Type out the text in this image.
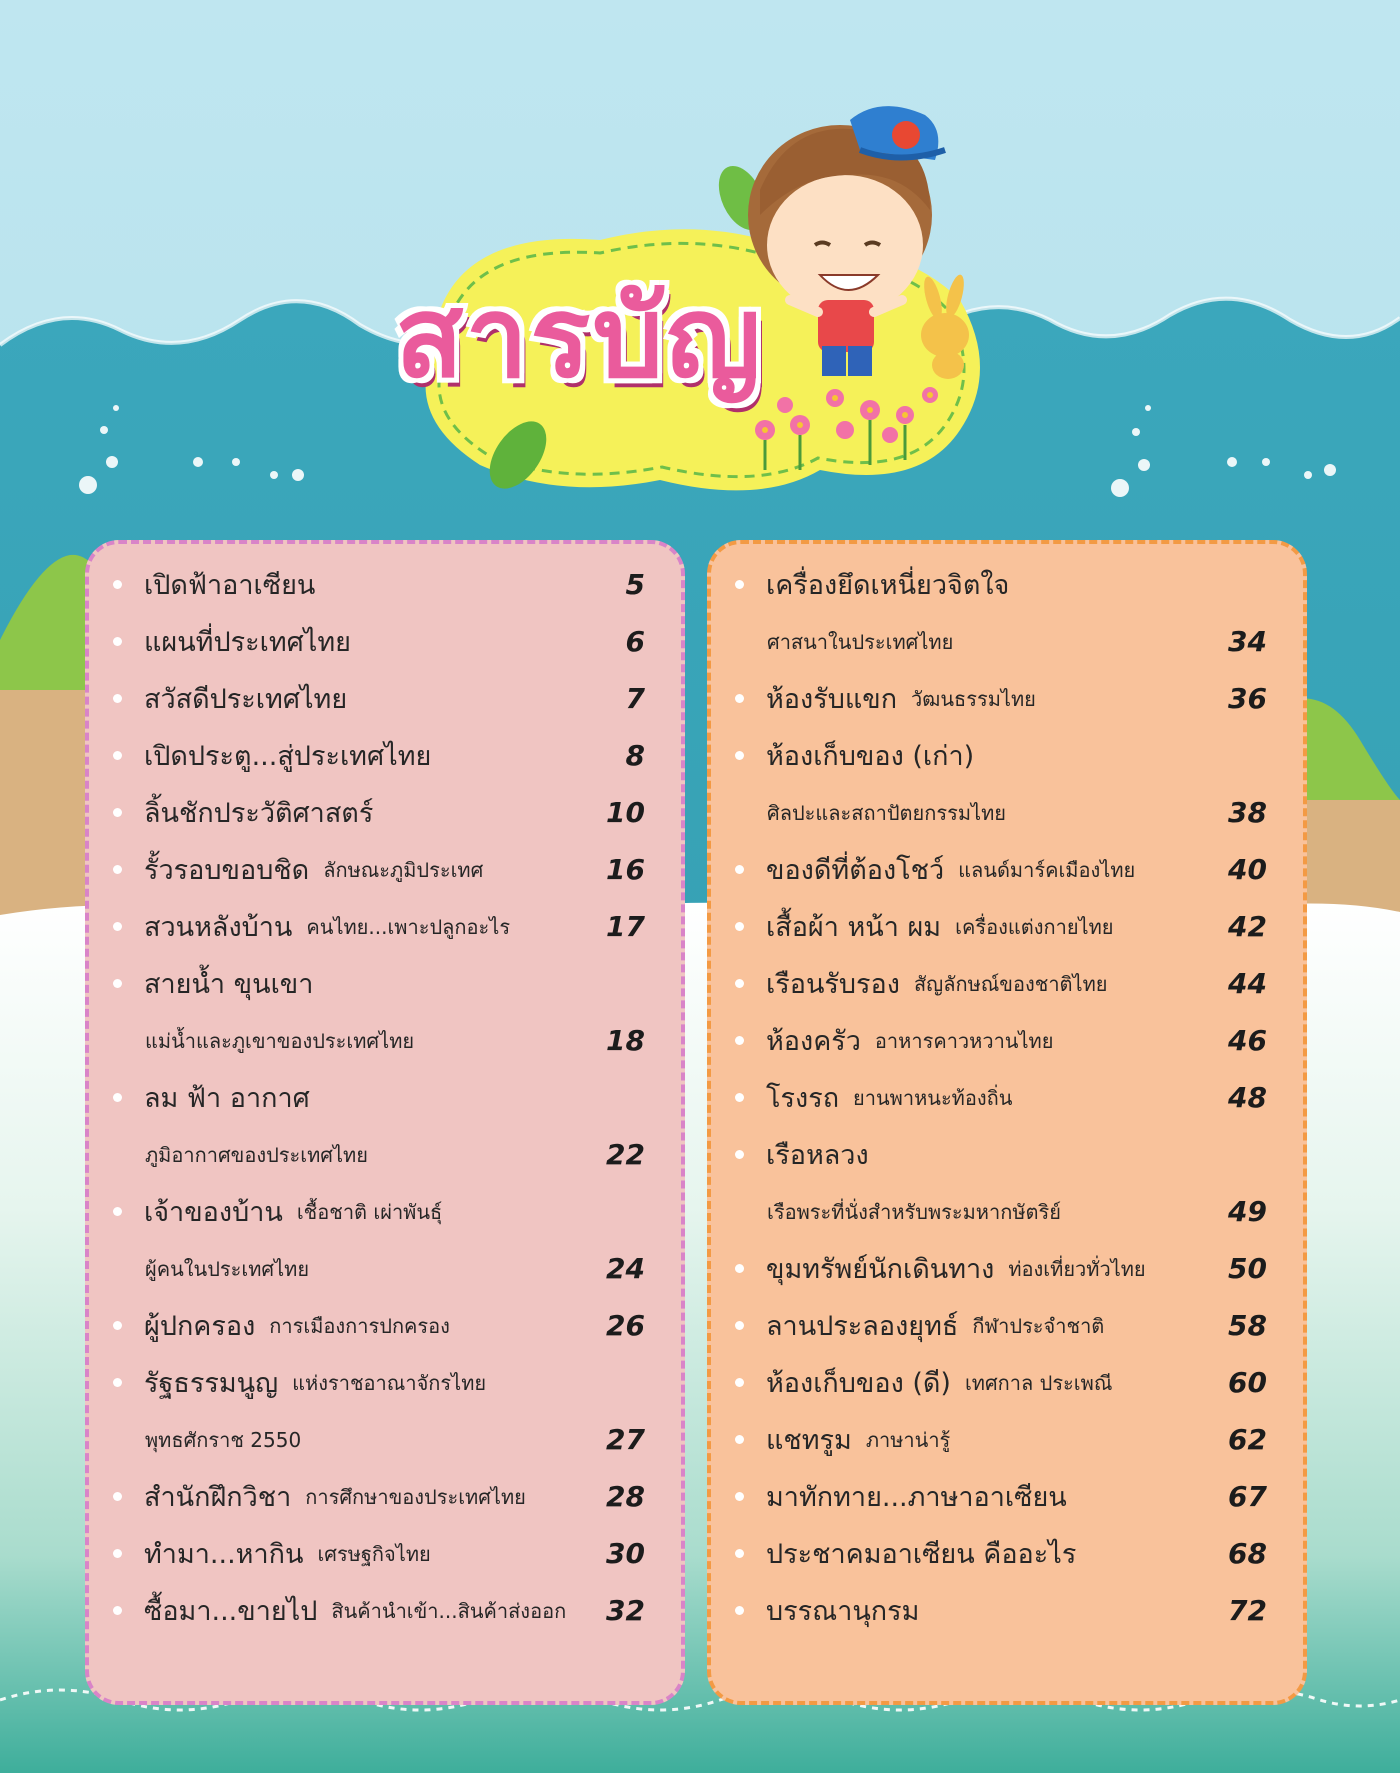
สารบัญ
เปิดฟ้าอาเซียน	5
แผนที่ประเทศไทย	6
สวัสดีประเทศไทย	7
เปิดประตู...สู่ประเทศไทย	8
ลิ้นชักประวัติศาสตร์	10
รั้วรอบขอบชิด ลักษณะภูมิประเทศ	16
สวนหลังบ้าน คนไทย...เพาะปลูกอะไร	17
สายน้ำ ขุนเขา
แม่น้ำและภูเขาของประเทศไทย	18
ลม ฟ้า อากาศ
ภูมิอากาศของประเทศไทย	22
เจ้าของบ้าน เชื้อชาติ เผ่าพันธุ์
ผู้คนในประเทศไทย	24
ผู้ปกครอง การเมืองการปกครอง	26
รัฐธรรมนูญ แห่งราชอาณาจักรไทย
พุทธศักราช 2550	27
สำนักฝึกวิชา การศึกษาของประเทศไทย	28
ทำมา...หากิน เศรษฐกิจไทย	30
ซื้อมา...ขายไป สินค้านำเข้า...สินค้าส่งออก 32
เครื่องยึดเหนี่ยวจิตใจ
ศาสนาในประเทศไทย	34
ห้องรับแขก วัฒนธรรมไทย	36
ห้องเก็บของ (เก่า)
ศิลปะและสถาปัตยกรรมไทย	38
ของดีที่ต้องโชว์ แลนด์มาร์คเมืองไทย	40
เสื้อผ้า หน้า ผม เครื่องแต่งกายไทย	42
เรือนรับรอง สัญลักษณ์ของชาติไทย	44
ห้องครัว อาหารคาวหวานไทย	46
โรงรถ ยานพาหนะท้องถิ่น	48
เรือหลวง
เรือพระที่นั่งสำหรับพระมหากษัตริย์	49
ขุมทรัพย์นักเดินทาง ท่องเที่ยวทั่วไทย	50
ลานประลองยุทธ์ กีฬาประจำชาติ	58
ห้องเก็บของ (ดี) เทศกาล ประเพณี	60
แชทรูม ภาษาน่ารู้	62
มาทักทาย...ภาษาอาเซียน	67
ประชาคมอาเซียน คืออะไร	68
บรรณานุกรม	72
